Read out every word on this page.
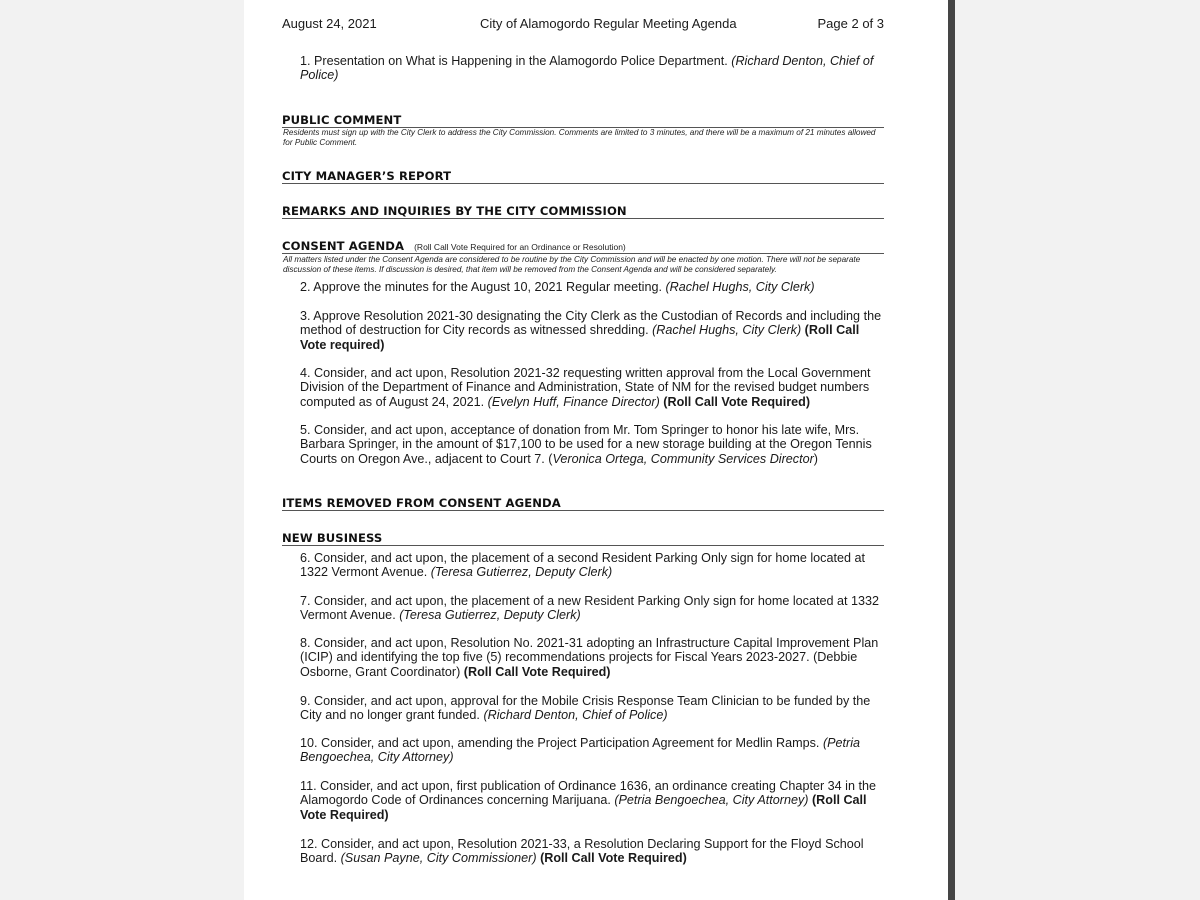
August 24, 2021	City of Alamogordo Regular Meeting Agenda	Page 2 of 3
1. Presentation on What is Happening in the Alamogordo Police Department. (Richard Denton, Chief of Police)
PUBLIC COMMENT
Residents must sign up with the City Clerk to address the City Commission. Comments are limited to 3 minutes, and there will be a maximum of 21 minutes allowed for Public Comment.
CITY MANAGER’S REPORT
REMARKS AND INQUIRIES BY THE CITY COMMISSION
CONSENT AGENDA (Roll Call Vote Required for an Ordinance or Resolution)
All matters listed under the Consent Agenda are considered to be routine by the City Commission and will be enacted by one motion. There will not be separate discussion of these items. If discussion is desired, that item will be removed from the Consent Agenda and will be considered separately.
2. Approve the minutes for the August 10, 2021 Regular meeting. (Rachel Hughs, City Clerk)
3. Approve Resolution 2021-30 designating the City Clerk as the Custodian of Records and including the method of destruction for City records as witnessed shredding. (Rachel Hughs, City Clerk) (Roll Call Vote required)
4. Consider, and act upon, Resolution 2021-32 requesting written approval from the Local Government Division of the Department of Finance and Administration, State of NM for the revised budget numbers computed as of August 24, 2021. (Evelyn Huff, Finance Director) (Roll Call Vote Required)
5. Consider, and act upon, acceptance of donation from Mr. Tom Springer to honor his late wife, Mrs. Barbara Springer, in the amount of $17,100 to be used for a new storage building at the Oregon Tennis Courts on Oregon Ave., adjacent to Court 7. (Veronica Ortega, Community Services Director)
ITEMS REMOVED FROM CONSENT AGENDA
NEW BUSINESS
6. Consider, and act upon, the placement of a second Resident Parking Only sign for home located at 1322 Vermont Avenue. (Teresa Gutierrez, Deputy Clerk)
7. Consider, and act upon, the placement of a new Resident Parking Only sign for home located at 1332 Vermont Avenue. (Teresa Gutierrez, Deputy Clerk)
8. Consider, and act upon, Resolution No. 2021-31 adopting an Infrastructure Capital Improvement Plan (ICIP) and identifying the top five (5) recommendations projects for Fiscal Years 2023-2027. (Debbie Osborne, Grant Coordinator) (Roll Call Vote Required)
9. Consider, and act upon, approval for the Mobile Crisis Response Team Clinician to be funded by the City and no longer grant funded. (Richard Denton, Chief of Police)
10. Consider, and act upon, amending the Project Participation Agreement for Medlin Ramps. (Petria Bengoechea, City Attorney)
11. Consider, and act upon, first publication of Ordinance 1636, an ordinance creating Chapter 34 in the Alamogordo Code of Ordinances concerning Marijuana. (Petria Bengoechea, City Attorney) (Roll Call Vote Required)
12. Consider, and act upon, Resolution 2021-33, a Resolution Declaring Support for the Floyd School Board. (Susan Payne, City Commissioner) (Roll Call Vote Required)
